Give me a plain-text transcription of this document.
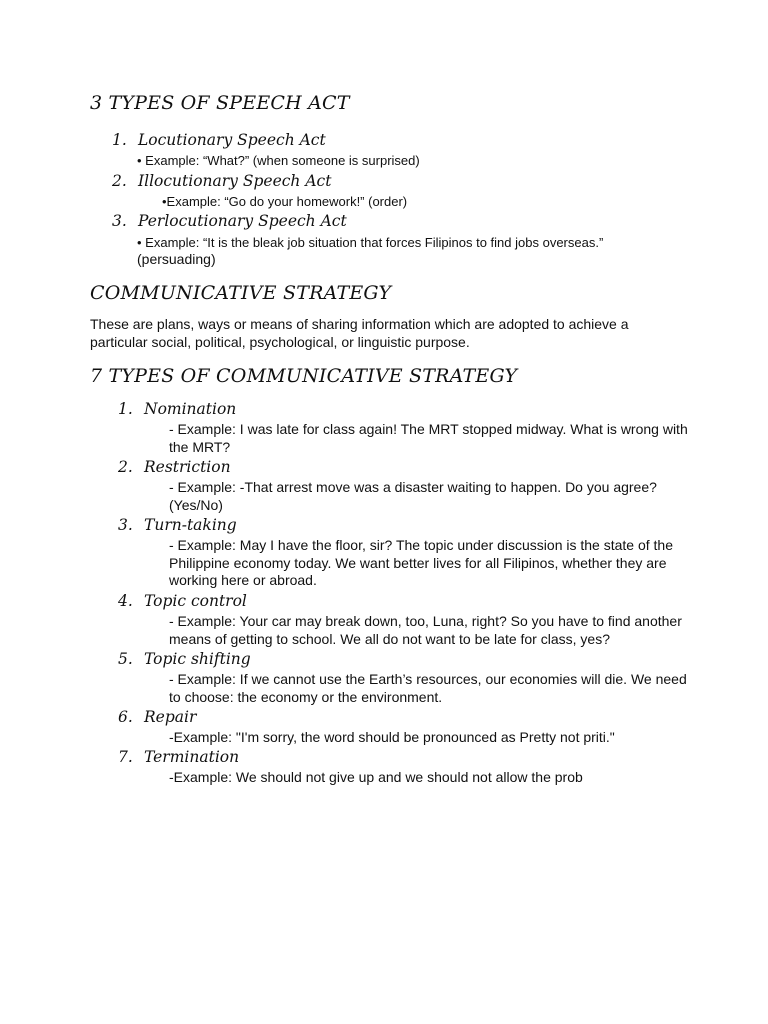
3 TYPES OF SPEECH ACT
1. Locutionary Speech Act

• Example: “What?” (when someone is surprised)

2. Illocutionary Speech Act

•Example: “Go do your homework!” (order)

3. Perlocutionary Speech Act

• Example: “It is the bleak job situation that forces Filipinos to find jobs overseas.”

(persuading)

COMMUNICATIVE STRATEGY

These are plans, ways or means of sharing information which are adopted to achieve a particular social, political, psychological, or linguistic purpose.

7 TYPES OF COMMUNICATIVE STRATEGY
1. Nomination

- Example: I was late for class again! The MRT stopped midway. What is wrong with the MRT?

2. Restriction

- Example: -That arrest move was a disaster waiting to happen. Do you agree? (Yes/No)

3. Turn-taking

- Example: May I have the floor, sir? The topic under discussion is the state of the Philippine economy today. We want better lives for all Filipinos, whether they are working here or abroad.

4. Topic control

- Example: Your car may break down, too, Luna, right? So you have to find another means of getting to school. We all do not want to be late for class, yes?

5. Topic shifting

- Example: If we cannot use the Earth’s resources, our economies will die. We need to choose: the economy or the environment.

6. Repair

-Example: "I'm sorry, the word should be pronounced as Pretty not priti."

7. Termination

-Example: We should not give up and we should not allow the prob
